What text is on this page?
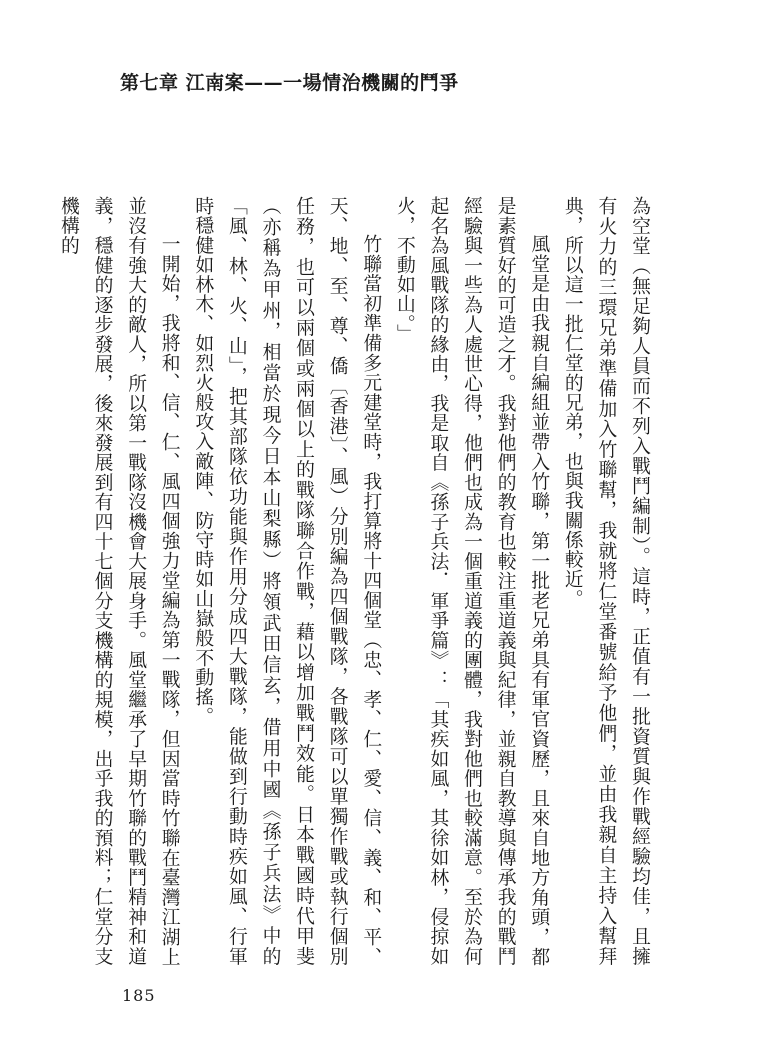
第七章 江南案——一場情治機關的鬥爭

為空堂（無足夠人員而不列入戰鬥編制）。這時，正值有一批資質與作戰經驗均佳，且擁有火力的三環兄弟準備加入竹聯幫，我就將仁堂番號給予他們，並由我親自主持入幫拜典，所以這一批仁堂的兄弟，也與我關係較近。

風堂是由我親自編組並帶入竹聯，第一批老兄弟具有軍官資歷，且來自地方角頭，都是素質好的可造之才。我對他們的教育也較注重道義與紀律，並親自教導與傳承我的戰鬥經驗與一些為人處世心得，他們也成為一個重道義的團體，我對他們也較滿意。至於為何起名為風戰隊的緣由，我是取自《孫子兵法．軍爭篇》：「其疾如風，其徐如林，侵掠如火，不動如山。」

竹聯當初準備多元建堂時，我打算將十四個堂（忠、孝、仁、愛、信、義、和、平、天、地、至、尊、僑〔香港〕、風）分別編為四個戰隊，各戰隊可以單獨作戰或執行個別任務，也可以兩個或兩個以上的戰隊聯合作戰，藉以增加戰鬥效能。日本戰國時代甲斐（亦稱為甲州，相當於現今日本山梨縣）將領武田信玄，借用中國《孫子兵法》中的「風、林、火、山」，把其部隊依功能與作用分成四大戰隊，能做到行動時疾如風、行軍時穩健如林木、如烈火般攻入敵陣、防守時如山嶽般不動搖。

一開始，我將和、信、仁、風四個強力堂編為第一戰隊，但因當時竹聯在臺灣江湖上並沒有強大的敵人，所以第一戰隊沒機會大展身手。風堂繼承了早期竹聯的戰鬥精神和道義，穩健的逐步發展，後來發展到有四十七個分支機構的規模，出乎我的預料；仁堂分支機構的

185
